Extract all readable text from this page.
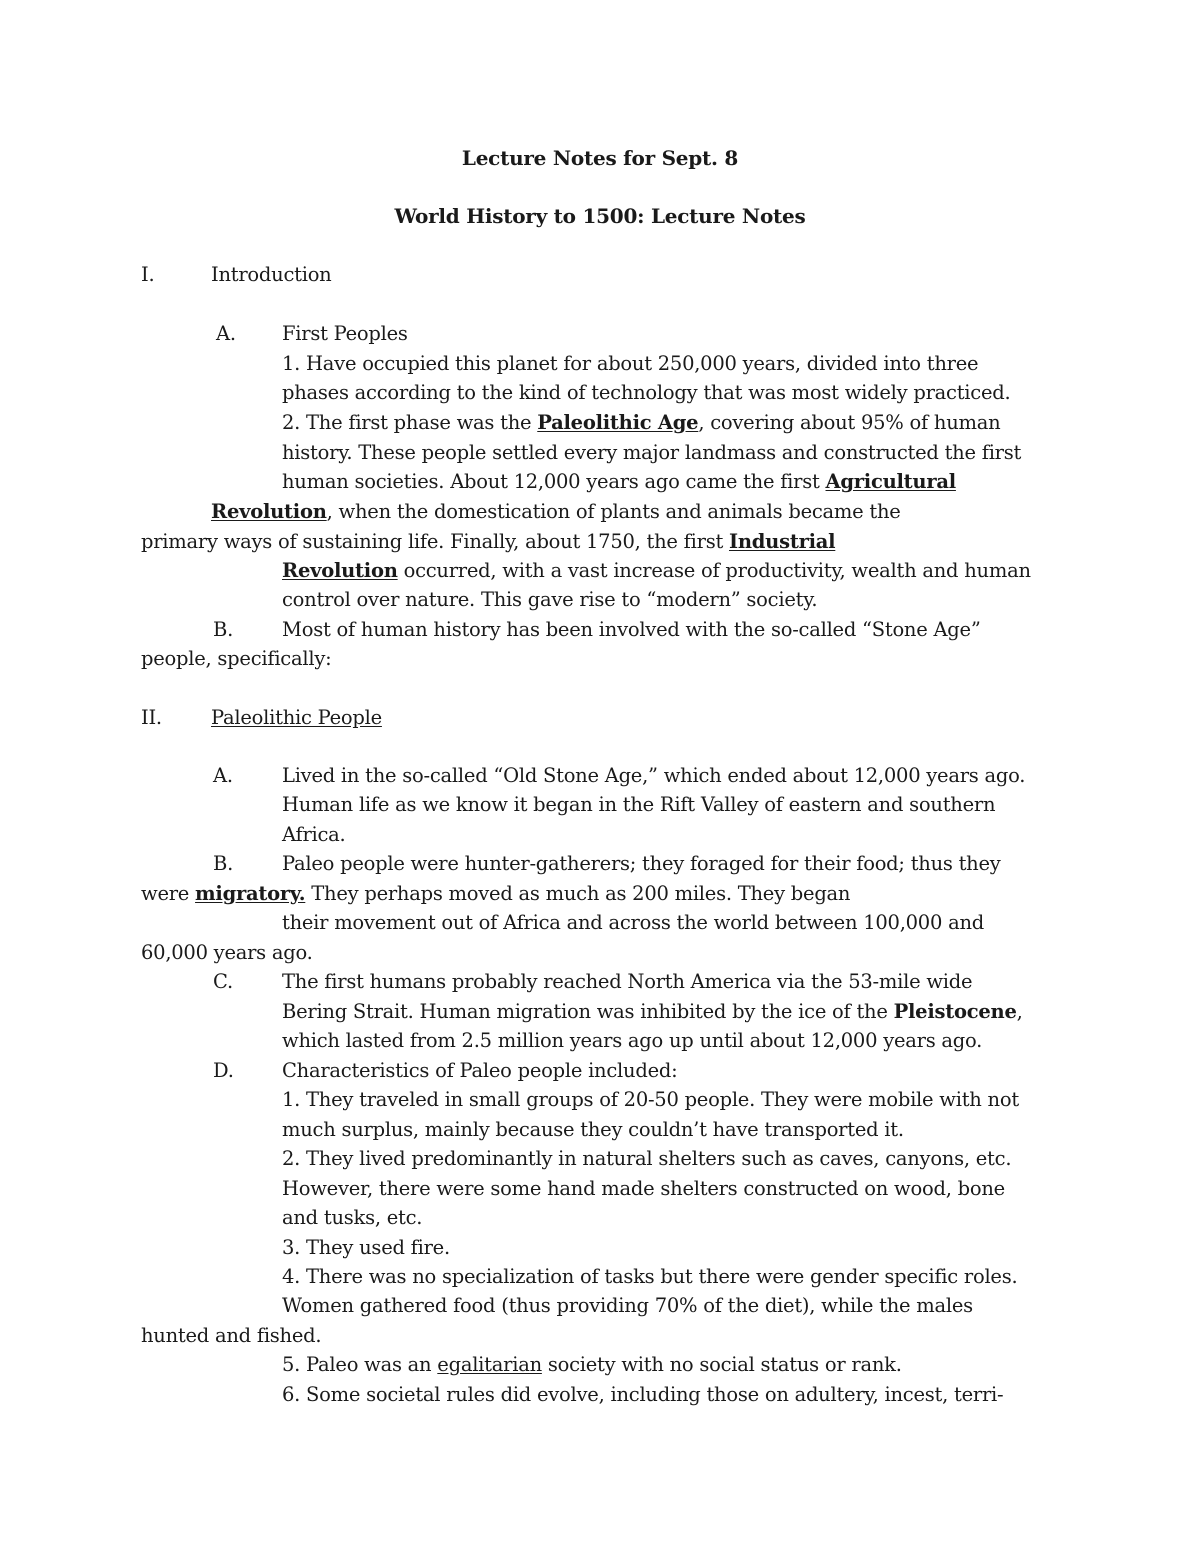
Lecture Notes for Sept. 8
World History to 1500: Lecture Notes
I.	Introduction
A. First Peoples
1. Have occupied this planet for about 250,000 years, divided into three
phases according to the kind of technology that was most widely practiced.
2. The first phase was the Paleolithic Age, covering about 95% of human
history. These people settled every major landmass and constructed the first
human societies. About 12,000 years ago came the first Agricultural
Revolution, when the domestication of plants and animals became the
primary ways of sustaining life. Finally, about 1750, the first Industrial
Revolution occurred, with a vast increase of productivity, wealth and human
control over nature. This gave rise to “modern” society.
B.	Most of human history has been involved with the so-called “Stone Age”
people, specifically:
II.	Paleolithic People
A.	Lived in the so-called “Old Stone Age,” which ended about 12,000 years ago.
Human life as we know it began in the Rift Valley of eastern and southern
Africa.
B.	Paleo people were hunter-gatherers; they foraged for their food; thus they
were migratory. They perhaps moved as much as 200 miles. They began
their movement out of Africa and across the world between 100,000 and
60,000 years ago.
C.	The first humans probably reached North America via the 53-mile wide
Bering Strait. Human migration was inhibited by the ice of the Pleistocene,
which lasted from 2.5 million years ago up until about 12,000 years ago.
D. Characteristics of Paleo people included:
1. They traveled in small groups of 20-50 people. They were mobile with not
much surplus, mainly because they couldn’t have transported it.
2. They lived predominantly in natural shelters such as caves, canyons, etc.
However, there were some hand made shelters constructed on wood, bone
and tusks, etc.
3. They used fire.
4. There was no specialization of tasks but there were gender specific roles.
Women gathered food (thus providing 70% of the diet), while the males
hunted and fished.
5. Paleo was an egalitarian society with no social status or rank.
6. Some societal rules did evolve, including those on adultery, incest, terri-
